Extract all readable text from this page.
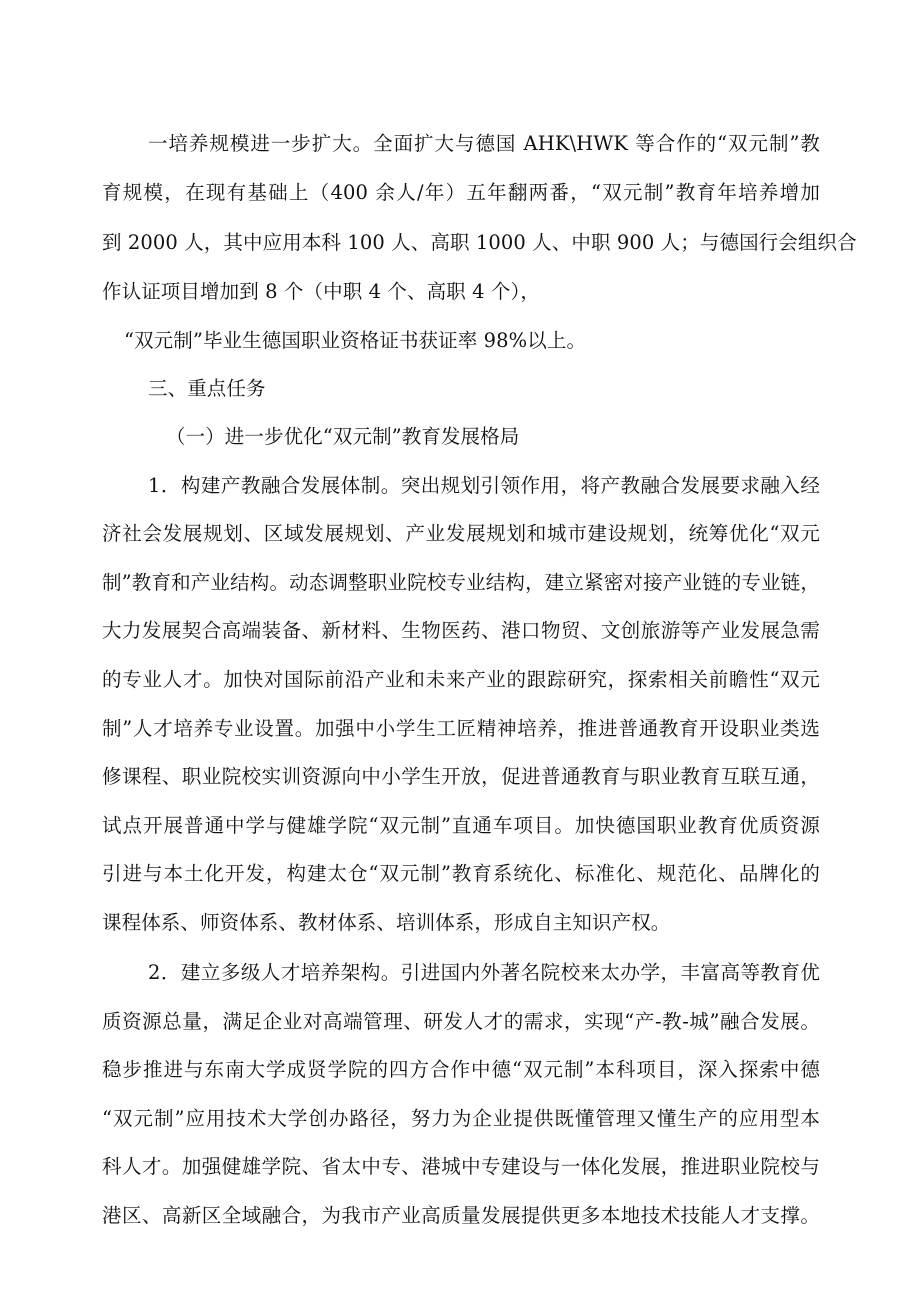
一培养规模进一步扩大。全面扩大与德国 AHK\HWK 等合作的“双元制”教
育规模，在现有基础上（400 余人/年）五年翻两番，“双元制”教育年培养增加
到 2000 人，其中应用本科 100 人、高职 1000 人、中职 900 人；与德国行会组织合
作认证项目增加到 8 个（中职 4 个、高职 4 个），
“双元制”毕业生德国职业资格证书获证率 98%以上。
三、重点任务
（一）进一步优化“双元制”教育发展格局
1．构建产教融合发展体制。突出规划引领作用，将产教融合发展要求融入经
济社会发展规划、区域发展规划、产业发展规划和城市建设规划，统筹优化“双元
制”教育和产业结构。动态调整职业院校专业结构，建立紧密对接产业链的专业链，
大力发展契合高端装备、新材料、生物医药、港口物贸、文创旅游等产业发展急需
的专业人才。加快对国际前沿产业和未来产业的跟踪研究，探索相关前瞻性“双元
制”人才培养专业设置。加强中小学生工匠精神培养，推进普通教育开设职业类选
修课程、职业院校实训资源向中小学生开放，促进普通教育与职业教育互联互通，
试点开展普通中学与健雄学院“双元制”直通车项目。加快德国职业教育优质资源
引进与本土化开发，构建太仓“双元制”教育系统化、标准化、规范化、品牌化的
课程体系、师资体系、教材体系、培训体系，形成自主知识产权。
2．建立多级人才培养架构。引进国内外著名院校来太办学，丰富高等教育优
质资源总量，满足企业对高端管理、研发人才的需求，实现“产-教-城”融合发展。
稳步推进与东南大学成贤学院的四方合作中德“双元制”本科项目，深入探索中德
“双元制”应用技术大学创办路径，努力为企业提供既懂管理又懂生产的应用型本
科人才。加强健雄学院、省太中专、港城中专建设与一体化发展，推进职业院校与
港区、高新区全域融合，为我市产业高质量发展提供更多本地技术技能人才支撑。
